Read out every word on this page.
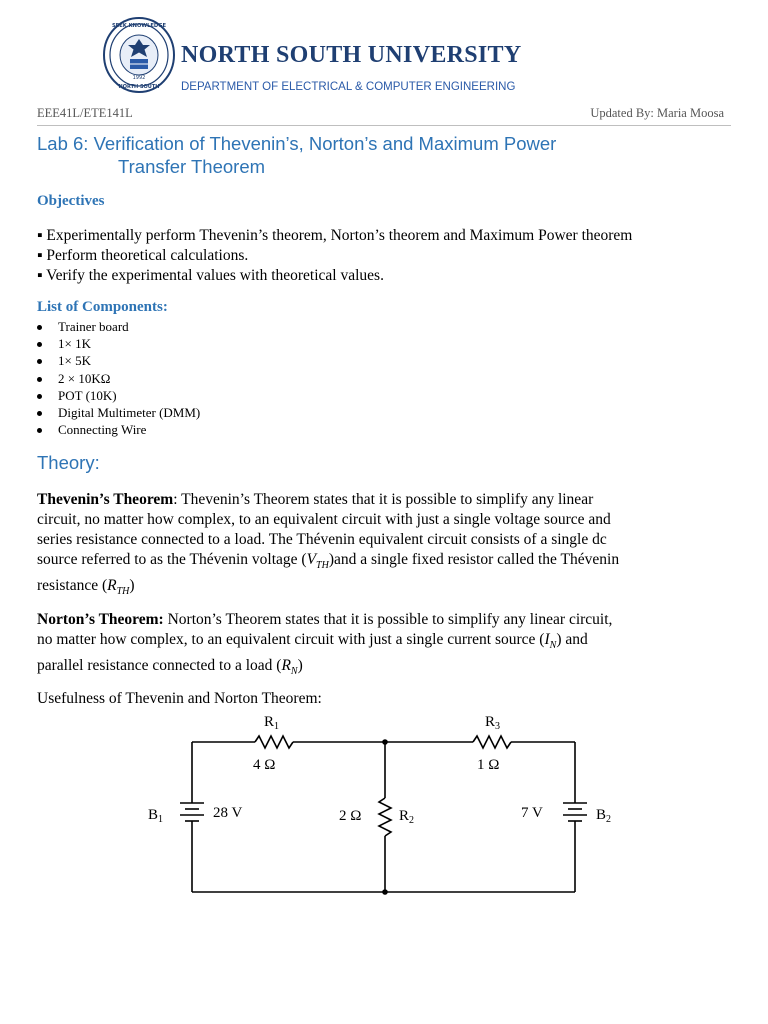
1992
SEEK KNOWLEDGE
NORTH SOUTH
NORTH SOUTH UNIVERSITY
DEPARTMENT OF ELECTRICAL & COMPUTER ENGINEERING
EEE41L/ETE141L	Updated By: Maria Moosa
Lab 6: Verification of Thevenin’s, Norton’s and Maximum Power
Transfer Theorem
Objectives
▪ Experimentally perform Thevenin’s theorem, Norton’s theorem and Maximum Power theorem
▪ Perform theoretical calculations.
▪ Verify the experimental values with theoretical values.
List of Components:
Trainer board
1× 1K
1× 5K
2 × 10KΩ
POT (10K)
Digital Multimeter (DMM)
Connecting Wire
Theory:
Thevenin’s Theorem: Thevenin’s Theorem states that it is possible to simplify any linear
circuit, no matter how complex, to an equivalent circuit with just a single voltage source and
series resistance connected to a load. The Thévenin equivalent circuit consists of a single dc
source referred to as the Thévenin voltage $(V_{TH})and$ a single fixed resistor called the Thévenin
resistance $(R_{TH})$
Norton’s Theorem: Norton’s Theorem states that it is possible to simplify any linear circuit,
no matter how complex, to an equivalent circuit with just a single current source $(I_N)$ and
parallel resistance connected to a load $(R_N)$
Usefulness of Thevenin and Norton Theorem:
$R_1$
4 Ω
$R_3$
1 Ω
2 Ω	$R_2$
$B_1$	28 V	7 V	$B_2$
